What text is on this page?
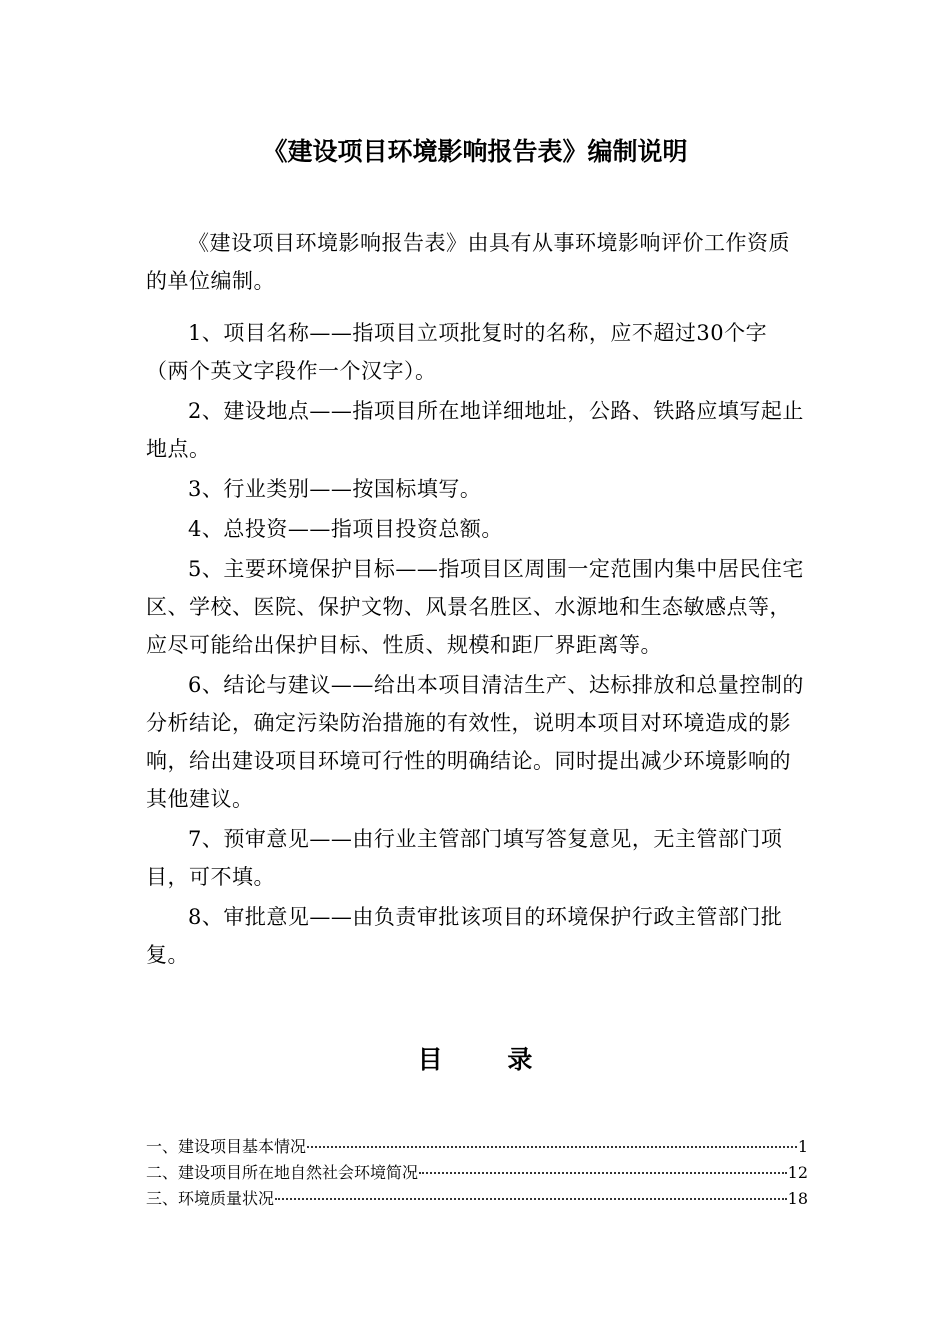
《建设项目环境影响报告表》编制说明

《建设项目环境影响报告表》由具有从事环境影响评价工作资质的单位编制。

1、项目名称——指项目立项批复时的名称，应不超过30个字（两个英文字段作一个汉字）。

2、建设地点——指项目所在地详细地址，公路、铁路应填写起止地点。

3、行业类别——按国标填写。

4、总投资——指项目投资总额。

5、主要环境保护目标——指项目区周围一定范围内集中居民住宅区、学校、医院、保护文物、风景名胜区、水源地和生态敏感点等，应尽可能给出保护目标、性质、规模和距厂界距离等。

6、结论与建议——给出本项目清洁生产、达标排放和总量控制的分析结论，确定污染防治措施的有效性，说明本项目对环境造成的影响，给出建设项目环境可行性的明确结论。同时提出减少环境影响的其他建议。

7、预审意见——由行业主管部门填写答复意见，无主管部门项目，可不填。

8、审批意见——由负责审批该项目的环境保护行政主管部门批复。

目 录
一、建设项目基本情况	1
二、建设项目所在地自然社会环境简况	12
三、环境质量状况	18
